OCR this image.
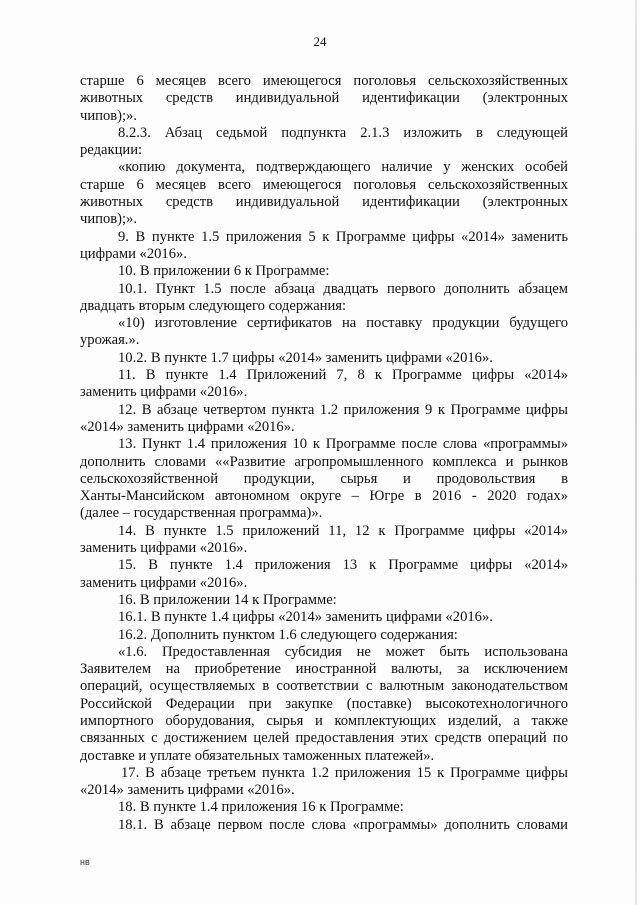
24
старше 6 месяцев всего имеющегося поголовья сельскохозяйственных
животных средств индивидуальной идентификации (электронных
чипов);».
8.2.3. Абзац седьмой подпункта 2.1.3 изложить в следующей
редакции:
«копию документа, подтверждающего наличие у женских особей
старше 6 месяцев всего имеющегося поголовья сельскохозяйственных
животных средств индивидуальной идентификации (электронных
чипов);».
9. В пункте 1.5 приложения 5 к Программе цифры «2014» заменить
цифрами «2016».
10. В приложении 6 к Программе:
10.1. Пункт 1.5 после абзаца двадцать первого дополнить абзацем
двадцать вторым следующего содержания:
«10) изготовление сертификатов на поставку продукции будущего
урожая.».
10.2. В пункте 1.7 цифры «2014» заменить цифрами «2016».
11. В пункте 1.4 Приложений 7, 8 к Программе цифры «2014»
заменить цифрами «2016».
12. В абзаце четвертом пункта 1.2 приложения 9 к Программе цифры
«2014» заменить цифрами «2016».
13. Пункт 1.4 приложения 10 к Программе после слова «программы»
дополнить словами ««Развитие агропромышленного комплекса и рынков
сельскохозяйственной продукции, сырья и продовольствия в
Ханты-Мансийском автономном округе – Югре в 2016 - 2020 годах»
(далее – государственная программа)».
14. В пункте 1.5 приложений 11, 12 к Программе цифры «2014»
заменить цифрами «2016».
15. В пункте 1.4 приложения 13 к Программе цифры «2014»
заменить цифрами «2016».
16. В приложении 14 к Программе:
16.1. В пункте 1.4 цифры «2014» заменить цифрами «2016».
16.2. Дополнить пунктом 1.6 следующего содержания:
«1.6. Предоставленная субсидия не может быть использована
Заявителем на приобретение иностранной валюты, за исключением
операций, осуществляемых в соответствии с валютным законодательством
Российской Федерации при закупке (поставке) высокотехнологичного
импортного оборудования, сырья и комплектующих изделий, а также
связанных с достижением целей предоставления этих средств операций по
доставке и уплате обязательных таможенных платежей».
17. В абзаце третьем пункта 1.2 приложения 15 к Программе цифры
«2014» заменить цифрами «2016».
18. В пункте 1.4 приложения 16 к Программе:
18.1. В абзаце первом после слова «программы» дополнить словами
нв
